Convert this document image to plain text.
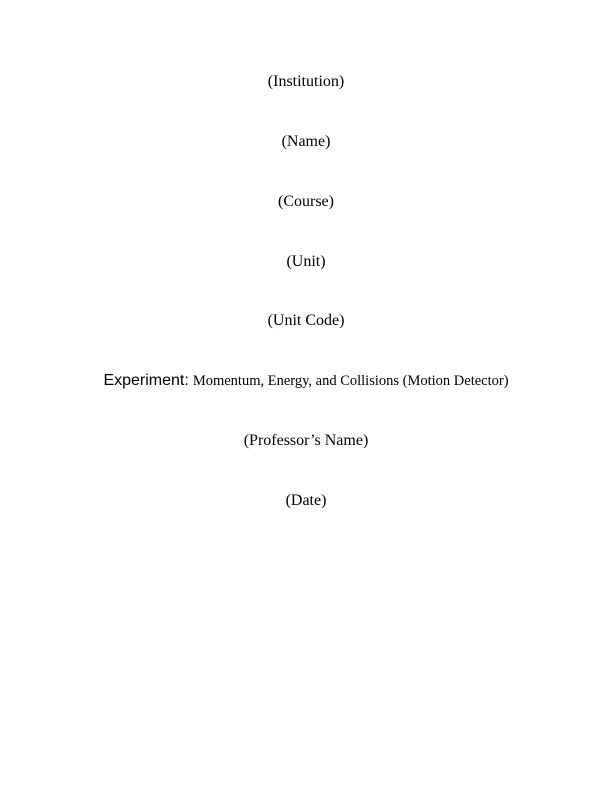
(Institution)
(Name)
(Course)
(Unit)
(Unit Code)
Experiment: Momentum, Energy, and Collisions (Motion Detector)
(Professor’s Name)
(Date)
